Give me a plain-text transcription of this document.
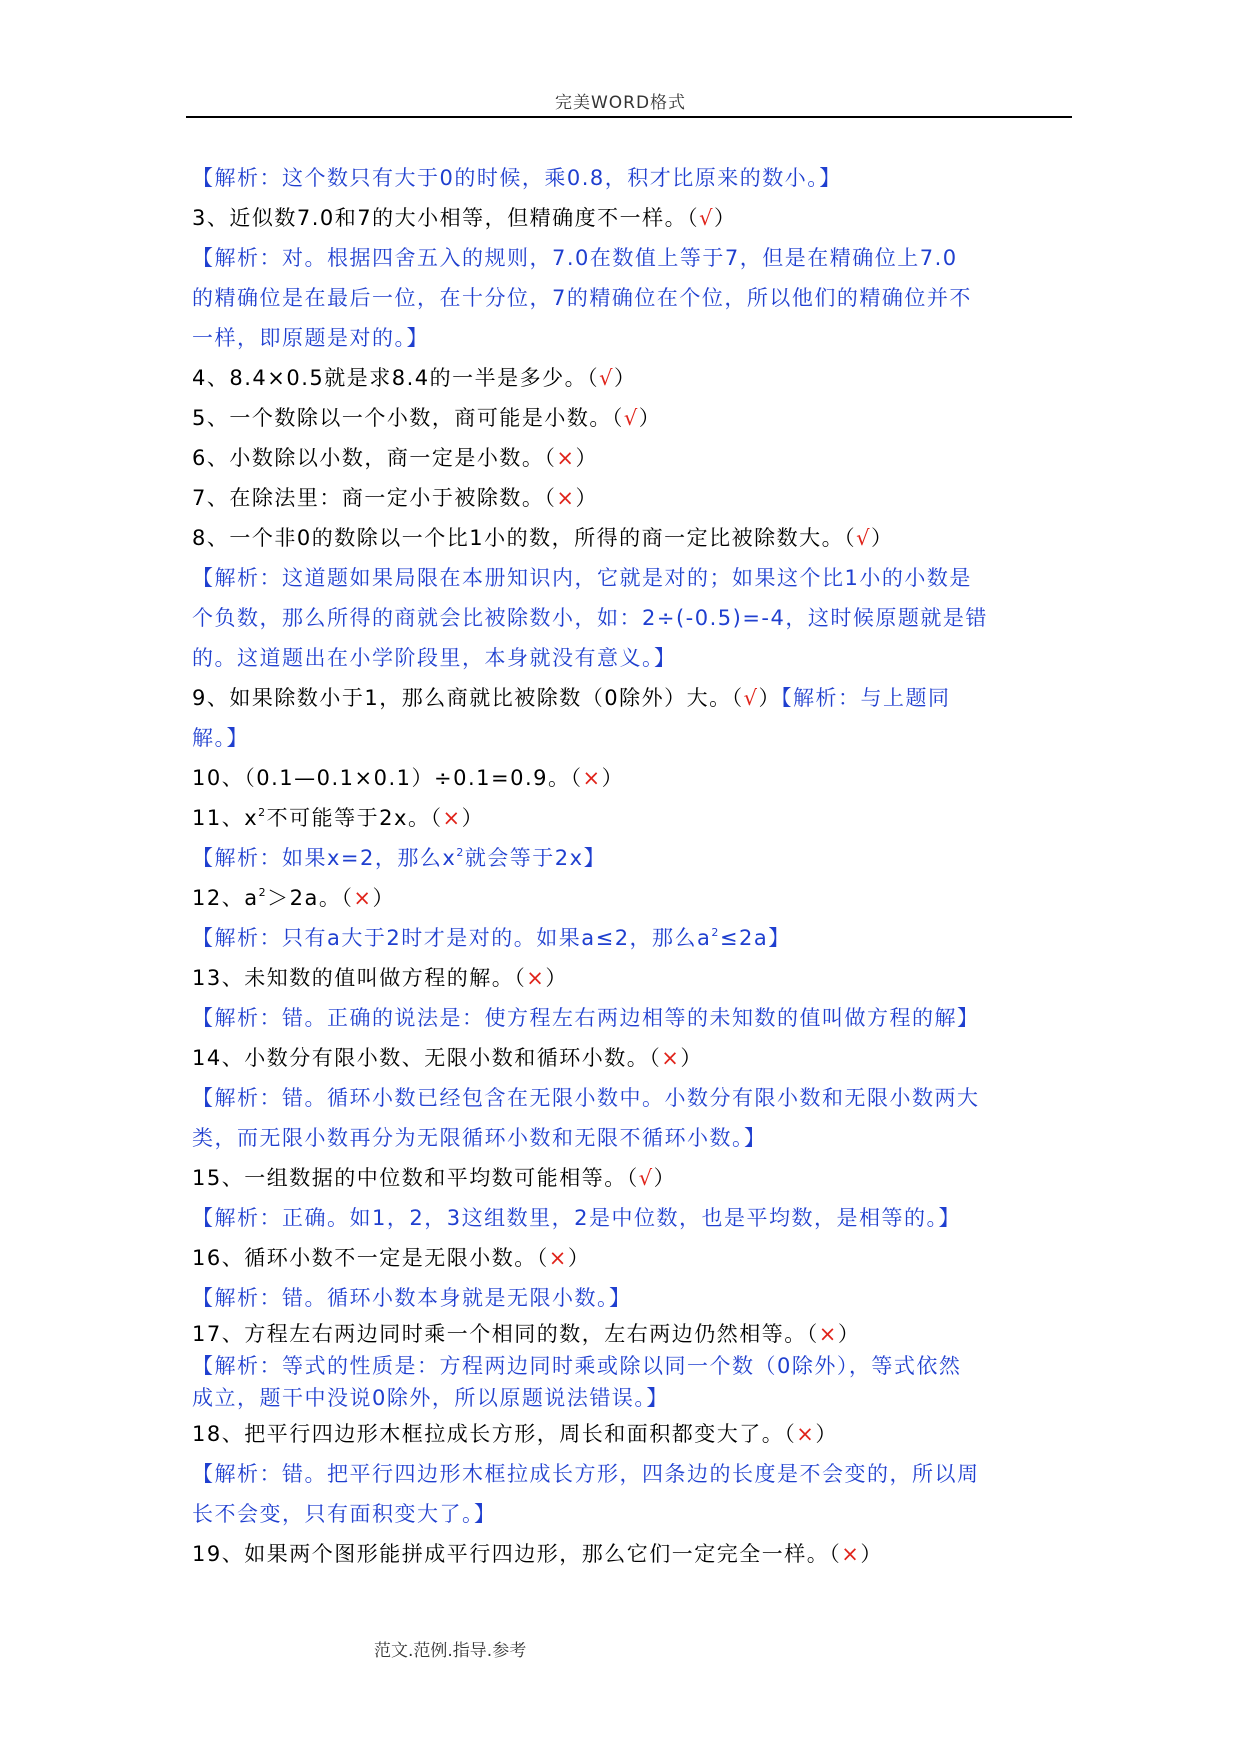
完美WORD格式
【解析：这个数只有大于0的时候，乘0.8，积才比原来的数小。】
3、近似数7.0和7的大小相等，但精确度不一样。（√）
【解析：对。根据四舍五入的规则，7.0在数值上等于7，但是在精确位上7.0
的精确位是在最后一位，在十分位，7的精确位在个位，所以他们的精确位并不
一样，即原题是对的。】
4、8.4×0.5就是求8.4的一半是多少。（√）
5、一个数除以一个小数，商可能是小数。（√）
6、小数除以小数，商一定是小数。（×）
7、在除法里：商一定小于被除数。（×）
8、一个非0的数除以一个比1小的数，所得的商一定比被除数大。（√）
【解析：这道题如果局限在本册知识内，它就是对的；如果这个比1小的小数是
个负数，那么所得的商就会比被除数小，如：2÷(-0.5)=-4，这时候原题就是错
的。这道题出在小学阶段里，本身就没有意义。】
9、如果除数小于1，那么商就比被除数（0除外）大。（√）【解析：与上题同
解。】
10、（0.1—0.1×0.1）÷0.1=0.9。（×）
11、$x^2$不可能等于2x。（×）
【解析：如果x=2，那么$x^2$就会等于2x】
12、$a^2>2a$。（×）
【解析：只有a大于2时才是对的。如果a≤2，那么$a^2\le 2a$】
13、未知数的值叫做方程的解。（×）
【解析：错。正确的说法是：使方程左右两边相等的未知数的值叫做方程的解】
14、小数分有限小数、无限小数和循环小数。（×）
【解析：错。循环小数已经包含在无限小数中。小数分有限小数和无限小数两大
类，而无限小数再分为无限循环小数和无限不循环小数。】
15、一组数据的中位数和平均数可能相等。（√）
【解析：正确。如1，2，3这组数里，2是中位数，也是平均数，是相等的。】
16、循环小数不一定是无限小数。（×）
【解析：错。循环小数本身就是无限小数。】
17、方程左右两边同时乘一个相同的数，左右两边仍然相等。（×）
【解析：等式的性质是：方程两边同时乘或除以同一个数（0除外），等式依然
成立，题干中没说0除外，所以原题说法错误。】
18、把平行四边形木框拉成长方形，周长和面积都变大了。（×）
【解析：错。把平行四边形木框拉成长方形，四条边的长度是不会变的，所以周
长不会变，只有面积变大了。】
19、如果两个图形能拼成平行四边形，那么它们一定完全一样。（×）
范文.范例.指导.参考
